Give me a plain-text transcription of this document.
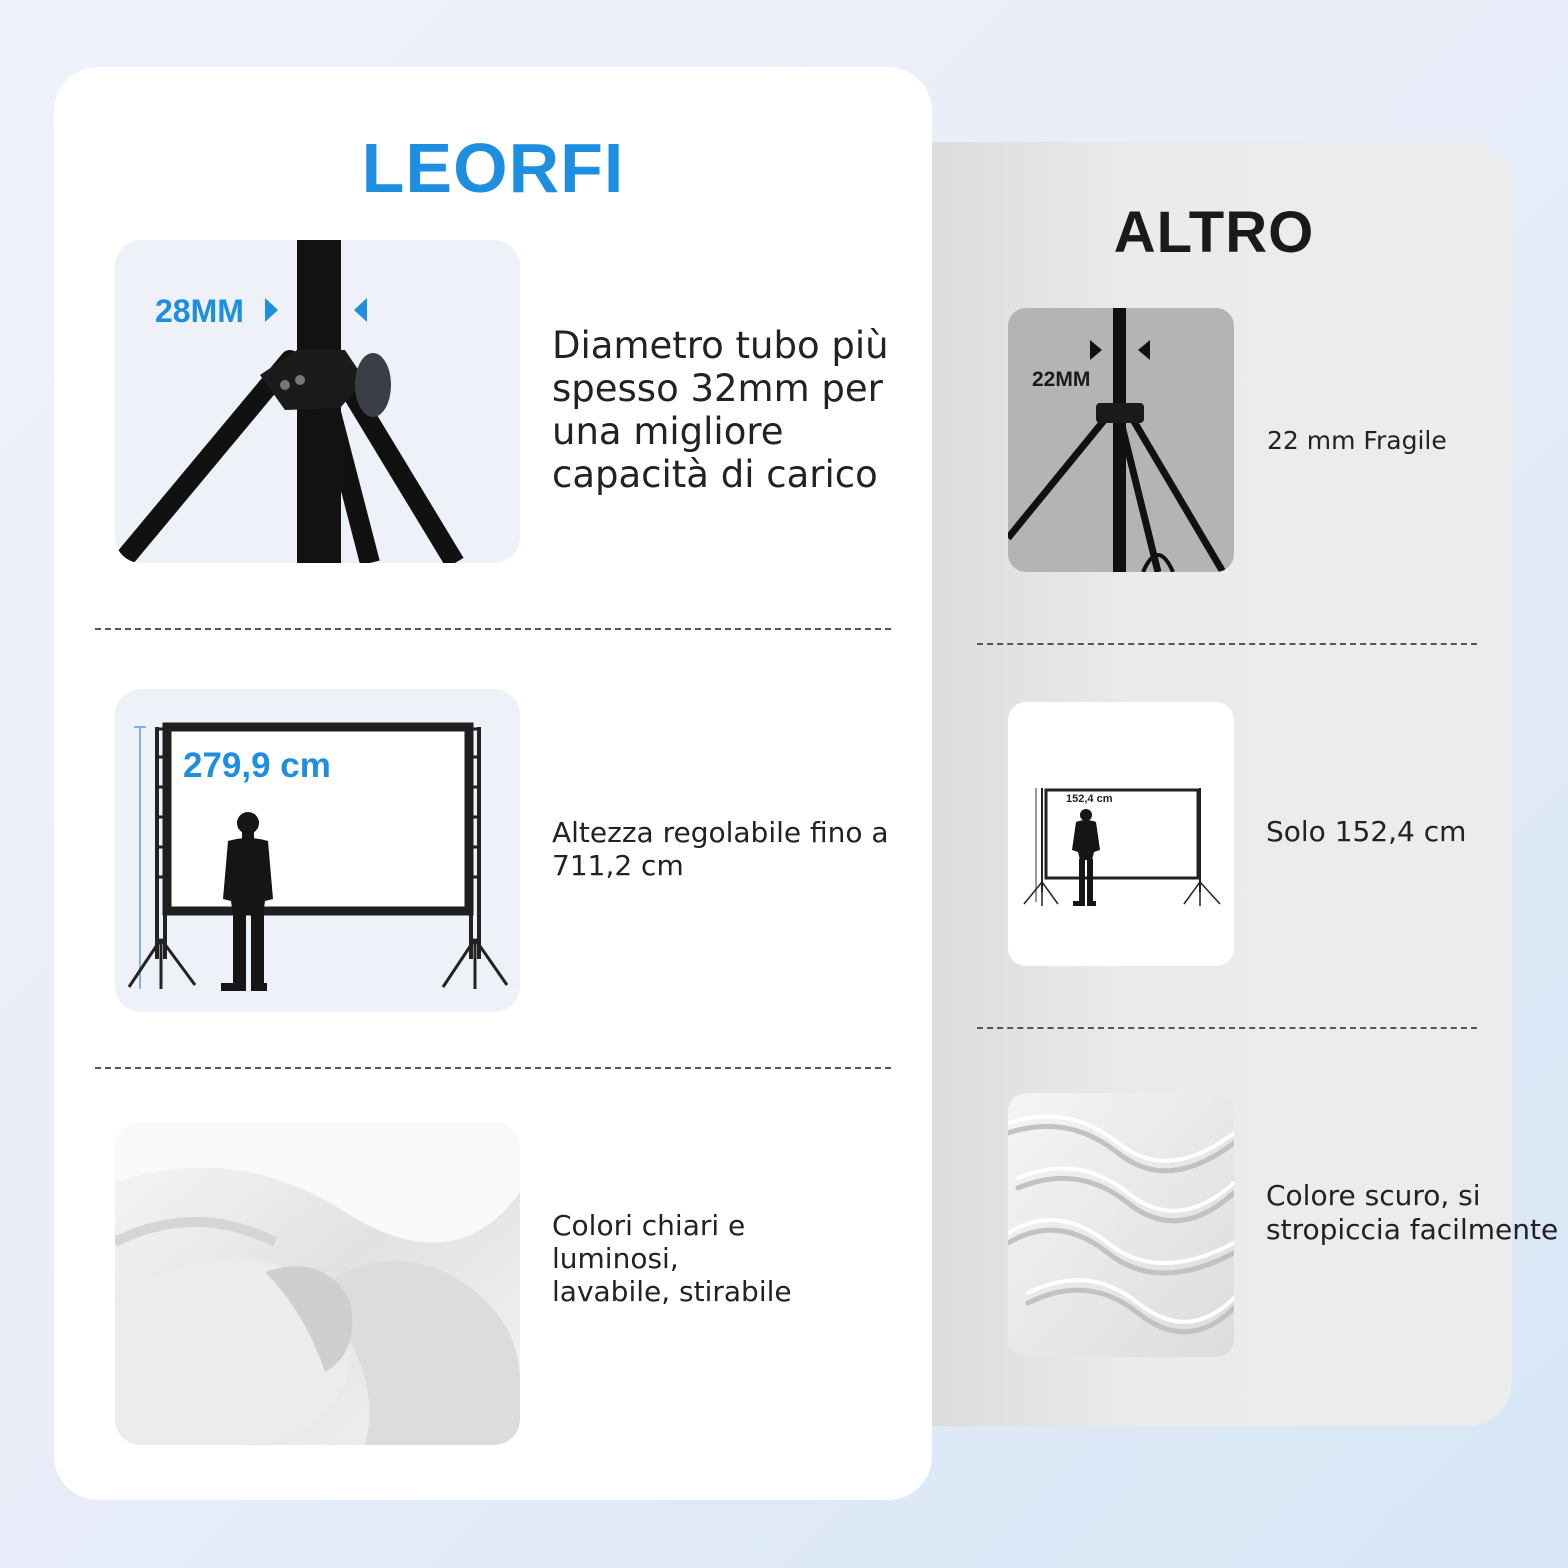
LEORFI
ALTRO
28MM

Diametro tubo più spesso 32mm per una migliore capacità di carico

279,9 cm

Altezza regolabile fino a 711,2 cm

Colori chiari e luminosi, lavabile, stirabile

22MM

22 mm Fragile

152,4 cm

Solo 152,4 cm

Colore scuro, si stropiccia facilmente
